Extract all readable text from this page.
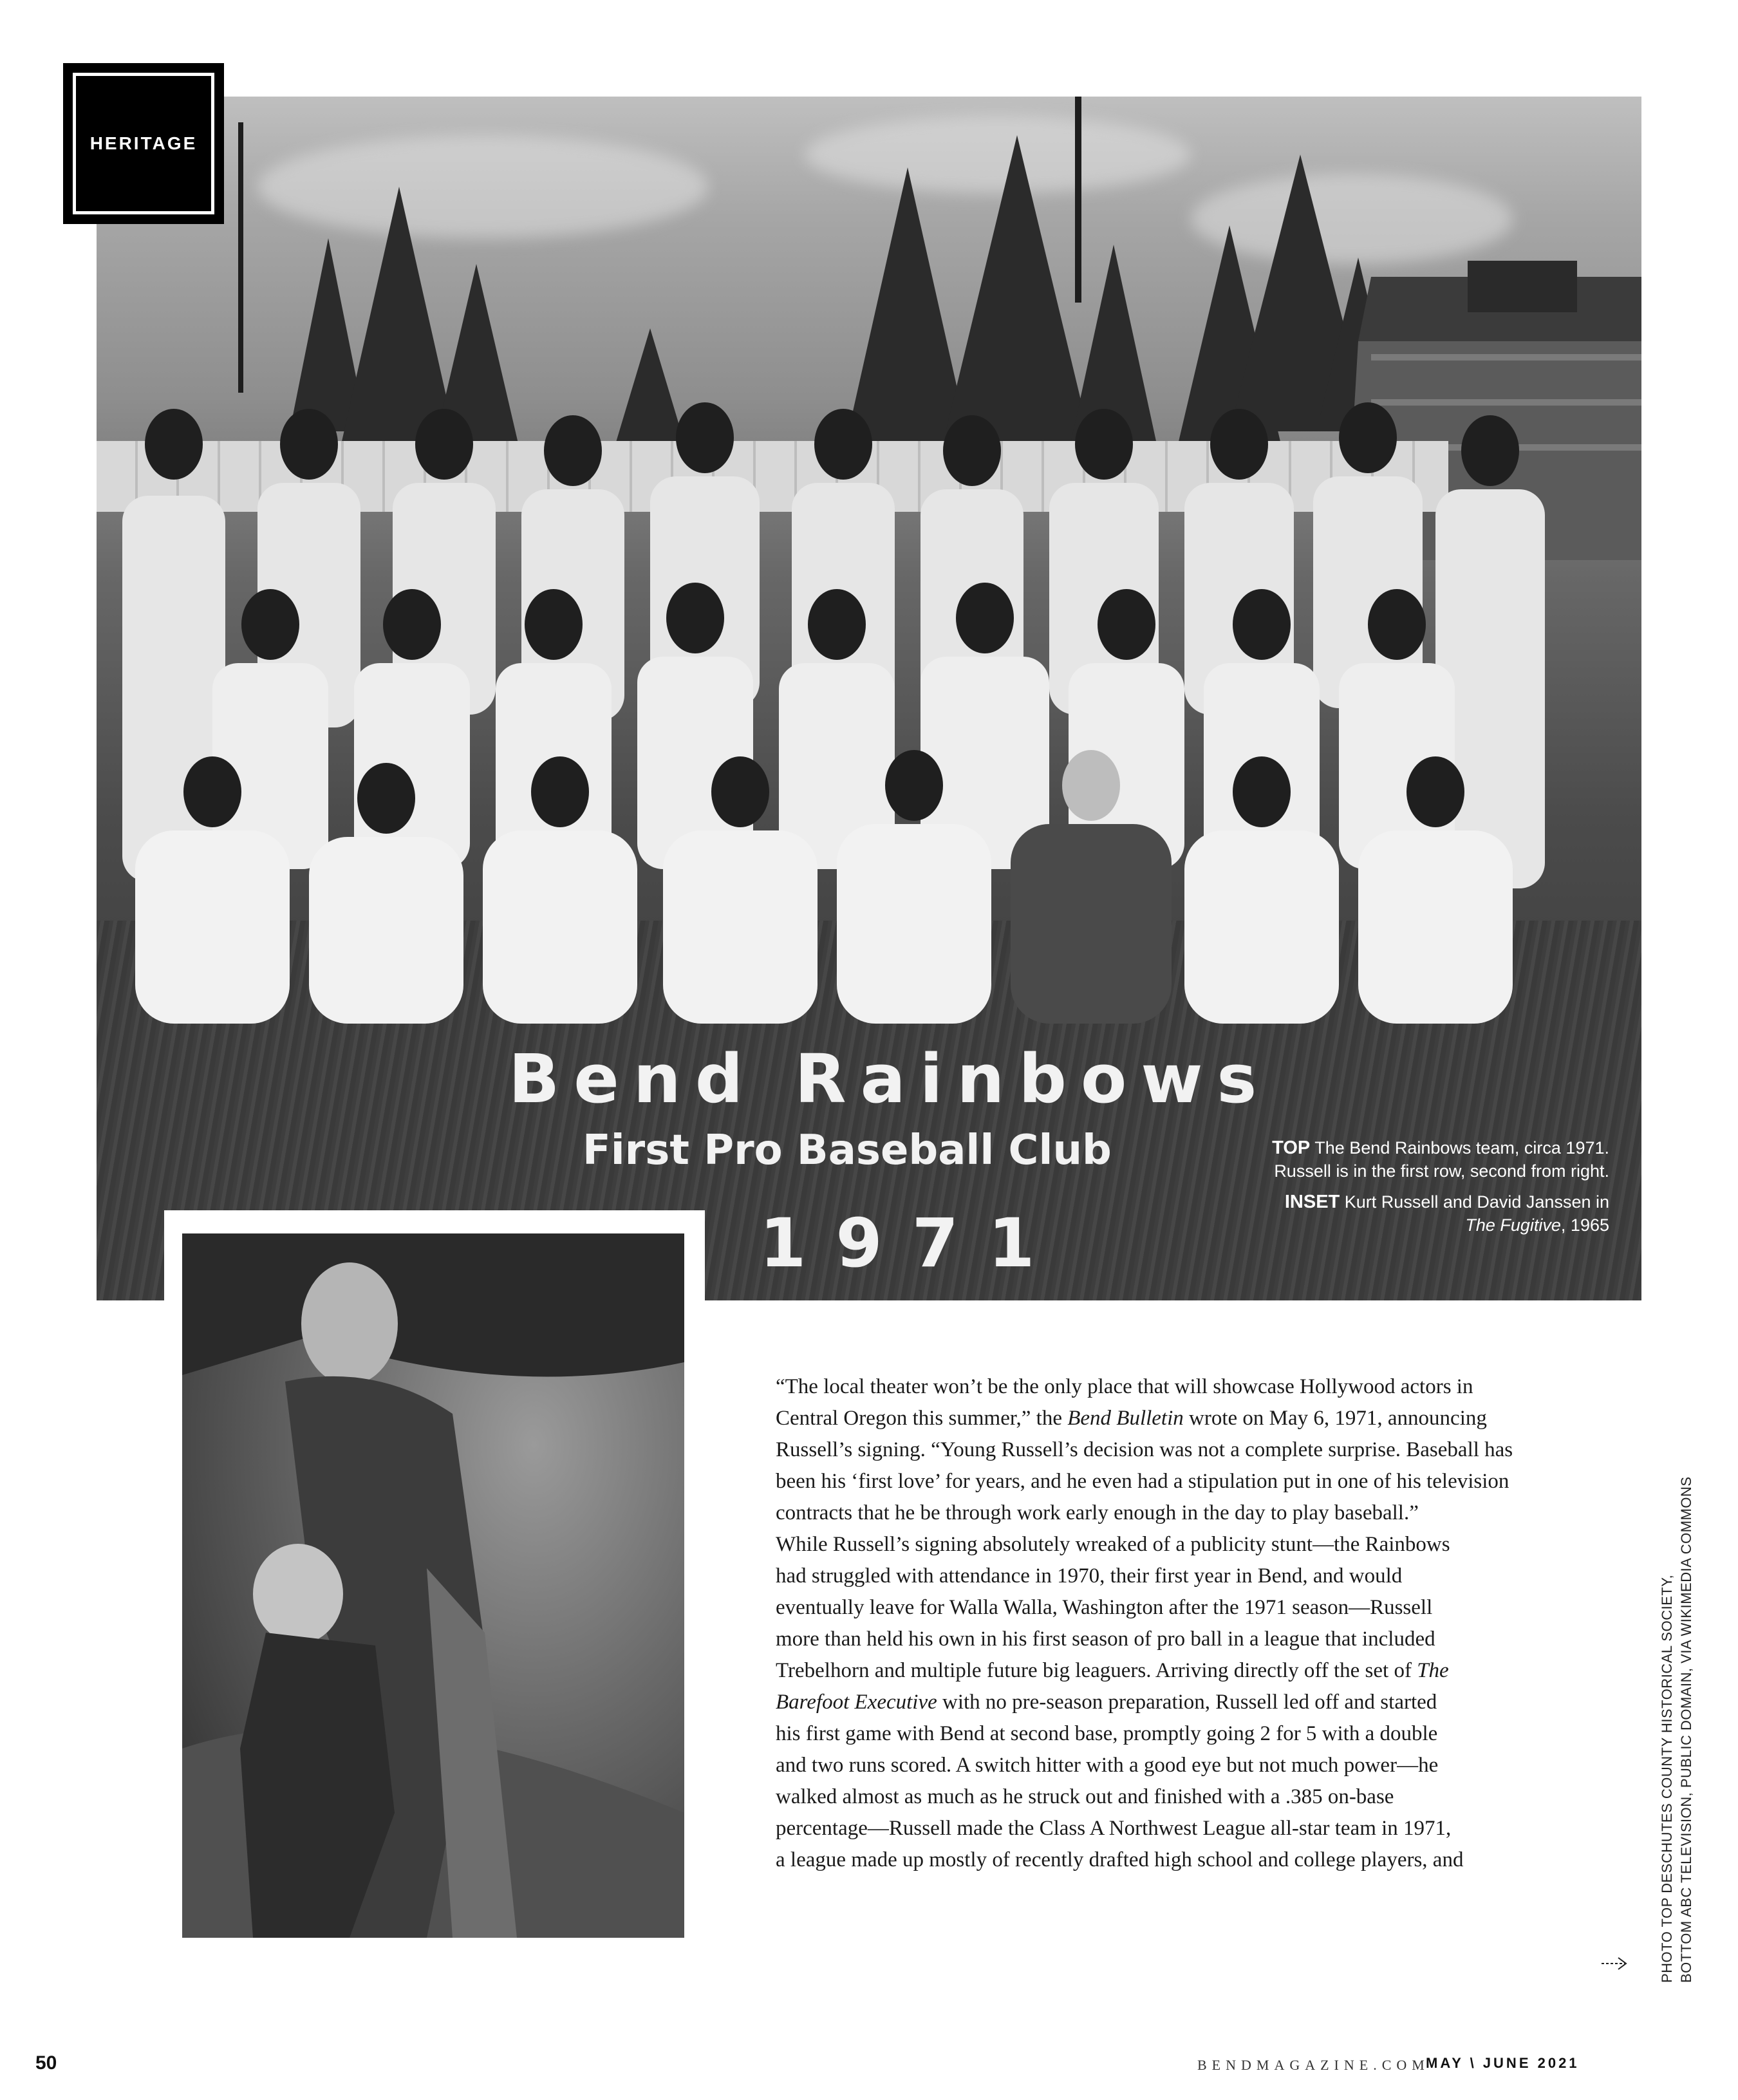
HERITAGE
Bend Rainbows
First Pro Baseball Club
1971

TOP The Bend Rainbows team, circa 1971. Russell is in the first row, second from right.

INSET Kurt Russell and David Janssen in The Fugitive, 1965

“The local theater won’t be the only place that will showcase Hollywood actors in
Central Oregon this summer,” the Bend Bulletin wrote on May 6, 1971, announcing
Russell’s signing. “Young Russell’s decision was not a complete surprise. Baseball has
been his ‘first love’ for years, and he even had a stipulation put in one of his television
contracts that he be through work early enough in the day to play baseball.”

While Russell’s signing absolutely wreaked of a publicity stunt—the Rainbows
had struggled with attendance in 1970, their first year in Bend, and would
eventually leave for Walla Walla, Washington after the 1971 season—Russell
more than held his own in his first season of pro ball in a league that included
Trebelhorn and multiple future big leaguers. Arriving directly off the set of The
Barefoot Executive with no pre-season preparation, Russell led off and started
his first game with Bend at second base, promptly going 2 for 5 with a double
and two runs scored. A switch hitter with a good eye but not much power—he
walked almost as much as he struck out and finished with a .385 on-base
percentage—Russell made the Class A Northwest League all-star team in 1971,
a league made up mostly of recently drafted high school and college players, and	PHOTO TOP DESCHUTES COUNTY HISTORICAL SOCIETY, BOTTOM ABC TELEVISION, PUBLIC DOMAIN, VIA WIKIMEDIA COMMONS
50	BENDMAGAZINE.COM
MAY \ JUNE 2021
